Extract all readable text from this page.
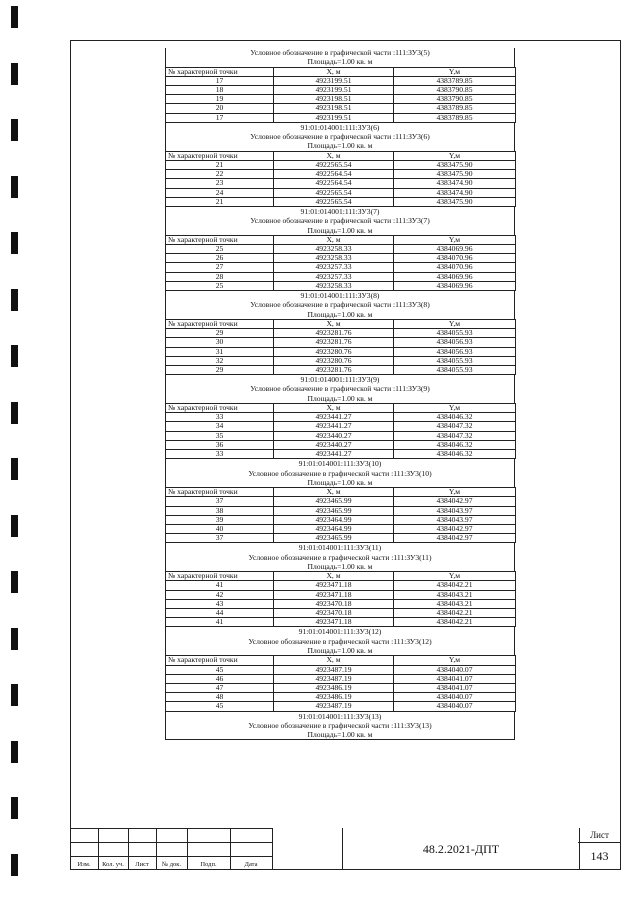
Условное обозначение в графической части :111:ЗУ3(5)
Площадь=1.00 кв. м
№ характерной точки	X, м	Y,м
17	4923199.51	4383789.85
18	4923199.51	4383790.85
19	4923198.51	4383790.85
20	4923198.51	4383789.85
17	4923199.51	4383789.85
91:01:014001:111:ЗУ3(6)
Условное обозначение в графической части :111:ЗУ3(6)
Площадь=1.00 кв. м
№ характерной точки	X, м	Y,м
21	4922565.54	4383475.90
22	4922564.54	4383475.90
23	4922564.54	4383474.90
24	4922565.54	4383474.90
21	4922565.54	4383475.90
91:01:014001:111:ЗУ3(7)
Условное обозначение в графической части :111:ЗУ3(7)
Площадь=1.00 кв. м
№ характерной точки	X, м	Y,м
25	4923258.33	4384069.96
26	4923258.33	4384070.96
27	4923257.33	4384070.96
28	4923257.33	4384069.96
25	4923258.33	4384069.96
91:01:014001:111:ЗУ3(8)
Условное обозначение в графической части :111:ЗУ3(8)
Площадь=1.00 кв. м
№ характерной точки	X, м	Y,м
29	4923281.76	4384055.93
30	4923281.76	4384056.93
31	4923280.76	4384056.93
32	4923280.76	4384055.93
29	4923281.76	4384055.93
91:01:014001:111:ЗУ3(9)
Условное обозначение в графической части :111:ЗУ3(9)
Площадь=1.00 кв. м
№ характерной точки	X, м	Y,м
33	4923441.27	4384046.32
34	4923441.27	4384047.32
35	4923440.27	4384047.32
36	4923440.27	4384046.32
33	4923441.27	4384046.32
91:01:014001:111:ЗУ3(10)
Условное обозначение в графической части :111:ЗУ3(10)
Площадь=1.00 кв. м
№ характерной точки	X, м	Y,м
37	4923465.99	4384042.97
38	4923465.99	4384043.97
39	4923464.99	4384043.97
40	4923464.99	4384042.97
37	4923465.99	4384042.97
91:01:014001:111:ЗУ3(11)
Условное обозначение в графической части :111:ЗУ3(11)
Площадь=1.00 кв. м
№ характерной точки	X, м	Y,м
41	4923471.18	4384042.21
42	4923471.18	4384043.21
43	4923470.18	4384043.21
44	4923470.18	4384042.21
41	4923471.18	4384042.21
91:01:014001:111:ЗУ3(12)
Условное обозначение в графической части :111:ЗУ3(12)
Площадь=1.00 кв. м
№ характерной точки	X, м	Y,м
45	4923487.19	4384040.07
46	4923487.19	4384041.07
47	4923486.19	4384041.07
48	4923486.19	4384040.07
45	4923487.19	4384040.07
91:01:014001:111:ЗУ3(13)
Условное обозначение в графической части :111:ЗУ3(13)
Площадь=1.00 кв. м
Изм.	Кол. уч.	Лист	№ док.	Подп.	Дата
48.2.2021-ДПТ
Лист
143
